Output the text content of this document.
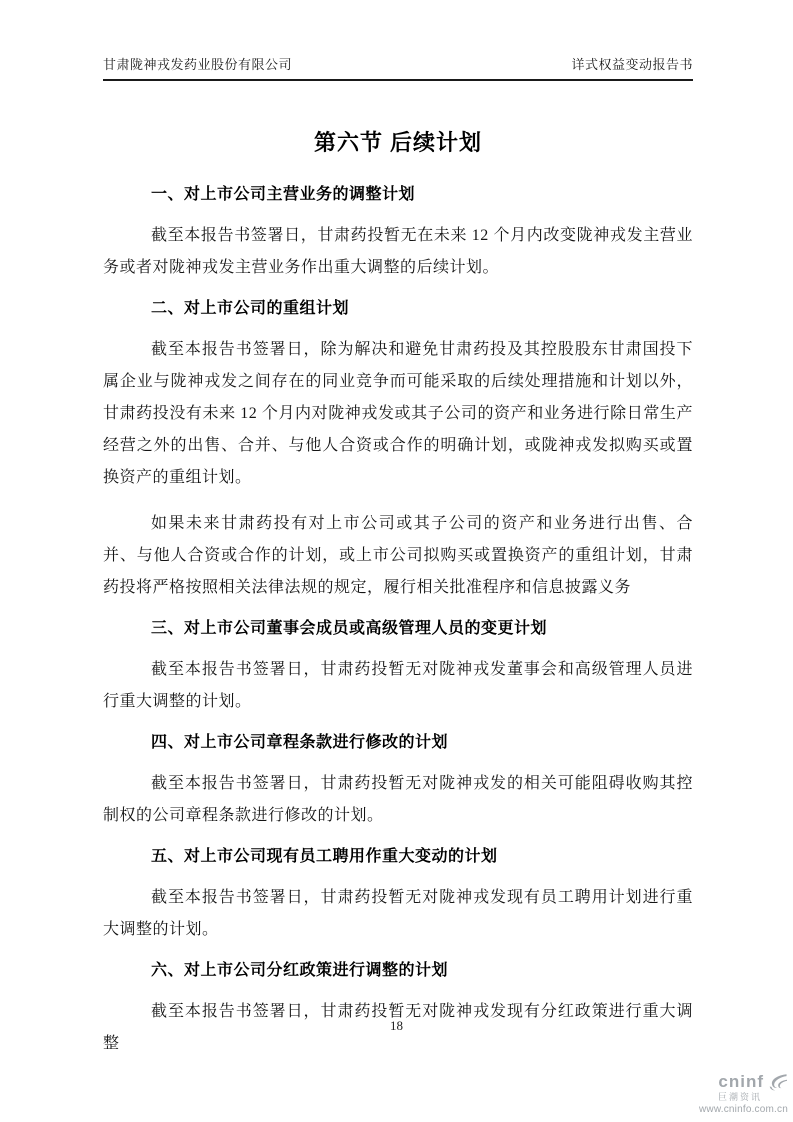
甘肃陇神戎发药业股份有限公司	详式权益变动报告书
第六节 后续计划
一、对上市公司主营业务的调整计划
截至本报告书签署日，甘肃药投暂无在未来 12 个月内改变陇神戎发主营业务或者对陇神戎发主营业务作出重大调整的后续计划。
二、对上市公司的重组计划
截至本报告书签署日，除为解决和避免甘肃药投及其控股股东甘肃国投下属企业与陇神戎发之间存在的同业竞争而可能采取的后续处理措施和计划以外，甘肃药投没有未来 12 个月内对陇神戎发或其子公司的资产和业务进行除日常生产经营之外的出售、合并、与他人合资或合作的明确计划，或陇神戎发拟购买或置换资产的重组计划。
如果未来甘肃药投有对上市公司或其子公司的资产和业务进行出售、合并、与他人合资或合作的计划，或上市公司拟购买或置换资产的重组计划，甘肃药投将严格按照相关法律法规的规定，履行相关批准程序和信息披露义务
三、对上市公司董事会成员或高级管理人员的变更计划
截至本报告书签署日，甘肃药投暂无对陇神戎发董事会和高级管理人员进行重大调整的计划。
四、对上市公司章程条款进行修改的计划
截至本报告书签署日，甘肃药投暂无对陇神戎发的相关可能阻碍收购其控制权的公司章程条款进行修改的计划。
五、对上市公司现有员工聘用作重大变动的计划
截至本报告书签署日，甘肃药投暂无对陇神戎发现有员工聘用计划进行重大调整的计划。
六、对上市公司分红政策进行调整的计划
截至本报告书签署日，甘肃药投暂无对陇神戎发现有分红政策进行重大调整
18
cninf
巨潮资讯
www.cninfo.com.cn
